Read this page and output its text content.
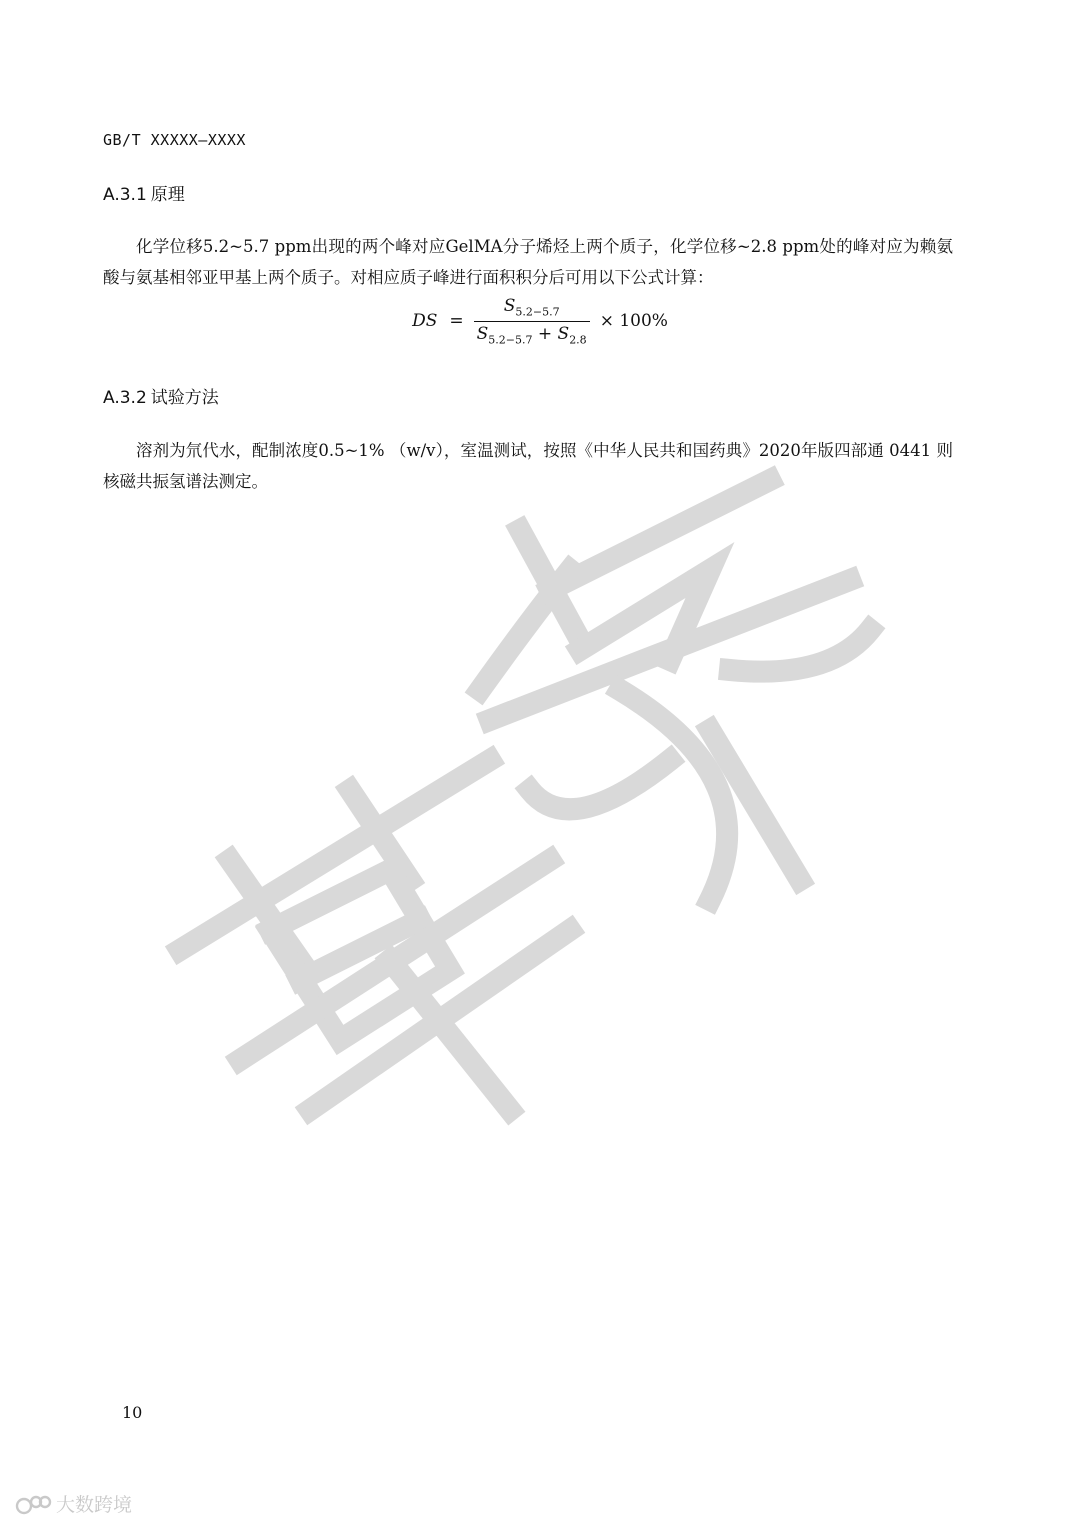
GB/T XXXXX—XXXX
A.3.1 原理
化学位移5.2~5.7 ppm出现的两个峰对应GelMA分子烯烃上两个质子，化学位移~2.8 ppm处的峰对应为赖氨酸与氨基相邻亚甲基上两个质子。对相应质子峰进行面积积分后可用以下公式计算：
DS = $\frac{S_{5.2-5.7}}{S_{5.2-5.7} + S_{2.8}} \times 100\%$
A.3.2 试验方法
溶剂为氘代水，配制浓度0.5~1% （w/v），室温测试，按照《中华人民共和国药典》2020年版四部通 0441 则核磁共振氢谱法测定。
10
大数跨境
